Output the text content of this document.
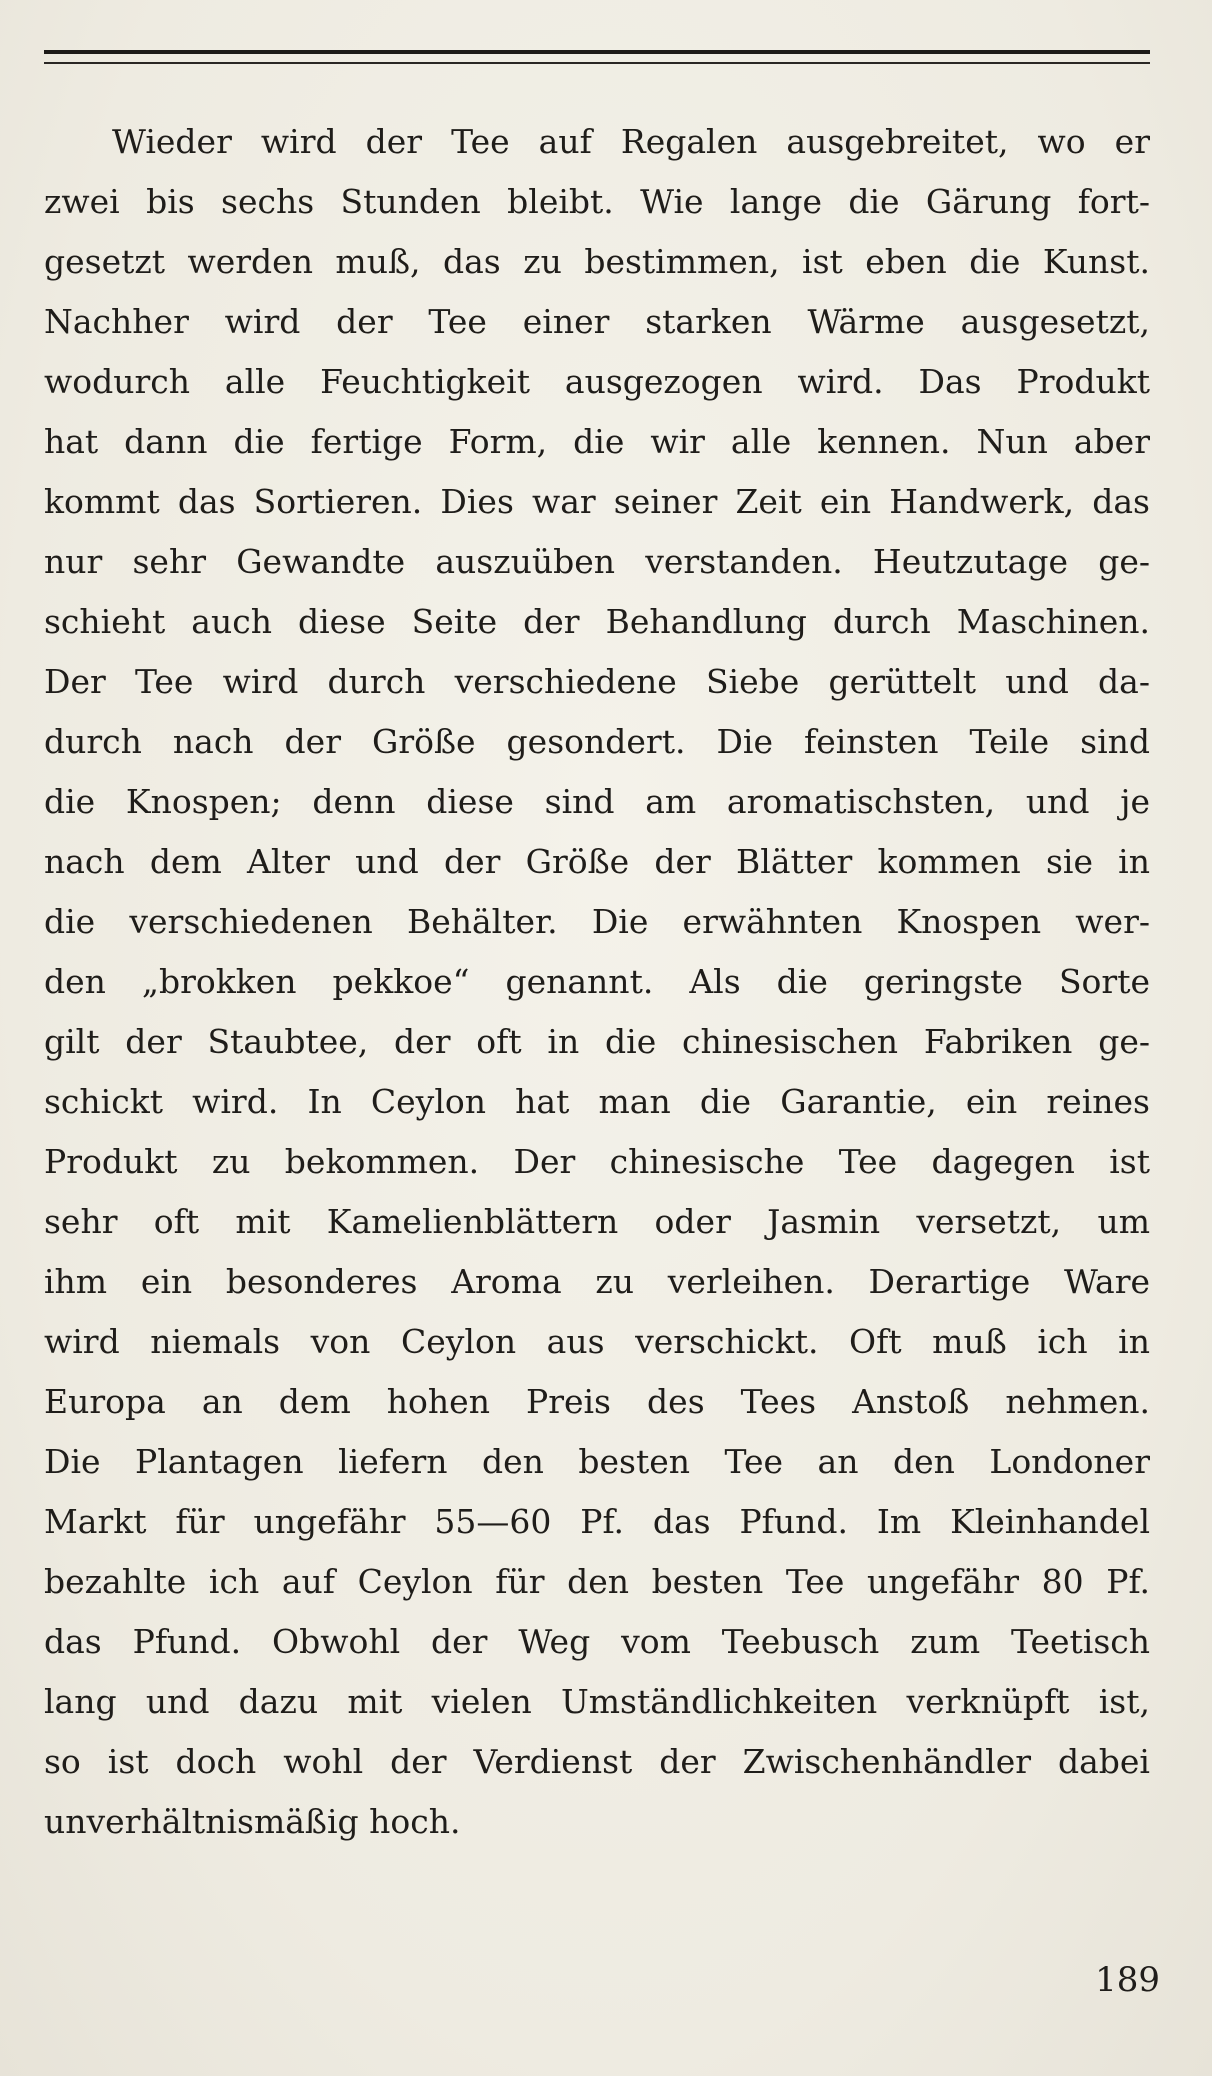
Wieder wird der Tee auf Regalen ausgebreitet, wo er
zwei bis sechs Stunden bleibt. Wie lange die Gärung fort-
gesetzt werden muß, das zu bestimmen, ist eben die Kunst.
Nachher wird der Tee einer starken Wärme ausgesetzt,
wodurch alle Feuchtigkeit ausgezogen wird. Das Produkt
hat dann die fertige Form, die wir alle kennen. Nun aber
kommt das Sortieren. Dies war seiner Zeit ein Handwerk, das
nur sehr Gewandte auszuüben verstanden. Heutzutage ge-
schieht auch diese Seite der Behandlung durch Maschinen.
Der Tee wird durch verschiedene Siebe gerüttelt und da-
durch nach der Größe gesondert. Die feinsten Teile sind
die Knospen; denn diese sind am aromatischsten, und je
nach dem Alter und der Größe der Blätter kommen sie in
die verschiedenen Behälter. Die erwähnten Knospen wer-
den „brokken pekkoe“ genannt. Als die geringste Sorte
gilt der Staubtee, der oft in die chinesischen Fabriken ge-
schickt wird. In Ceylon hat man die Garantie, ein reines
Produkt zu bekommen. Der chinesische Tee dagegen ist
sehr oft mit Kamelienblättern oder Jasmin versetzt, um
ihm ein besonderes Aroma zu verleihen. Derartige Ware
wird niemals von Ceylon aus verschickt. Oft muß ich in
Europa an dem hohen Preis des Tees Anstoß nehmen.
Die Plantagen liefern den besten Tee an den Londoner
Markt für ungefähr 55—60 Pf. das Pfund. Im Kleinhandel
bezahlte ich auf Ceylon für den besten Tee ungefähr 80 Pf.
das Pfund. Obwohl der Weg vom Teebusch zum Teetisch
lang und dazu mit vielen Umständlichkeiten verknüpft ist,
so ist doch wohl der Verdienst der Zwischenhändler dabei
unverhältnismäßig hoch.
189
